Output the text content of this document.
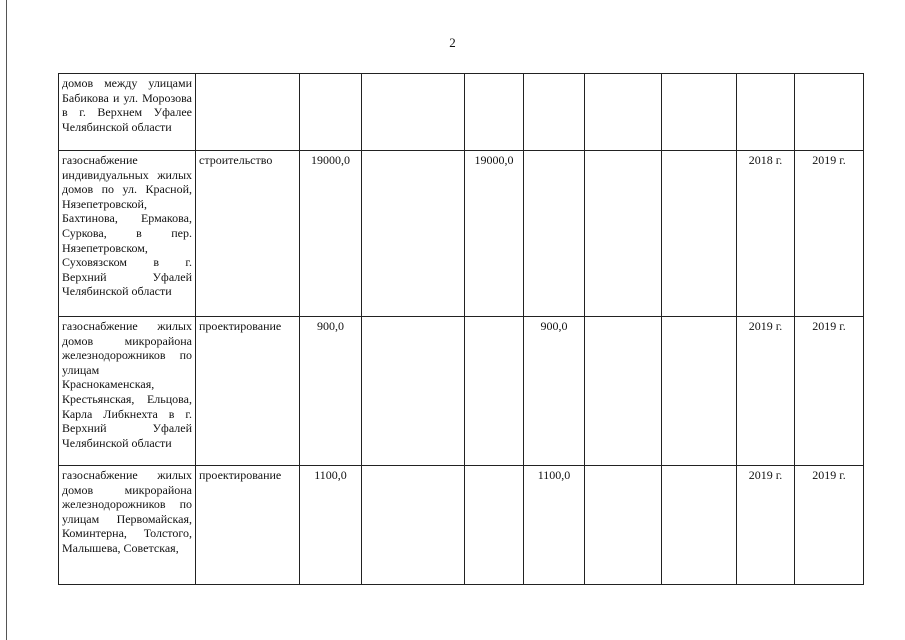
2
домов между улицами Бабикова и ул. Морозова в г. Верхнем Уфалее Челябинской области									
газоснабжение индивидуальных жилых домов по ул. Красной, Нязепетровской, Бахтинова, Ермакова, Суркова, в пер. Нязепетровском, Суховязском в г. Верхний Уфалей Челябинской области	строительство	19000,0		19000,0				2018 г.	2019 г.
газоснабжение жилых домов микрорайона железнодорожников по улицам Краснокаменская, Крестьянская, Ельцова, Карла Либкнехта в г. Верхний Уфалей Челябинской области	проектирование	900,0			900,0			2019 г.	2019 г.
газоснабжение жилых домов микрорайона железнодорожников по улицам Первомайская, Коминтерна, Толстого, Малышева, Советская,	проектирование	1100,0			1100,0			2019 г.	2019 г.
